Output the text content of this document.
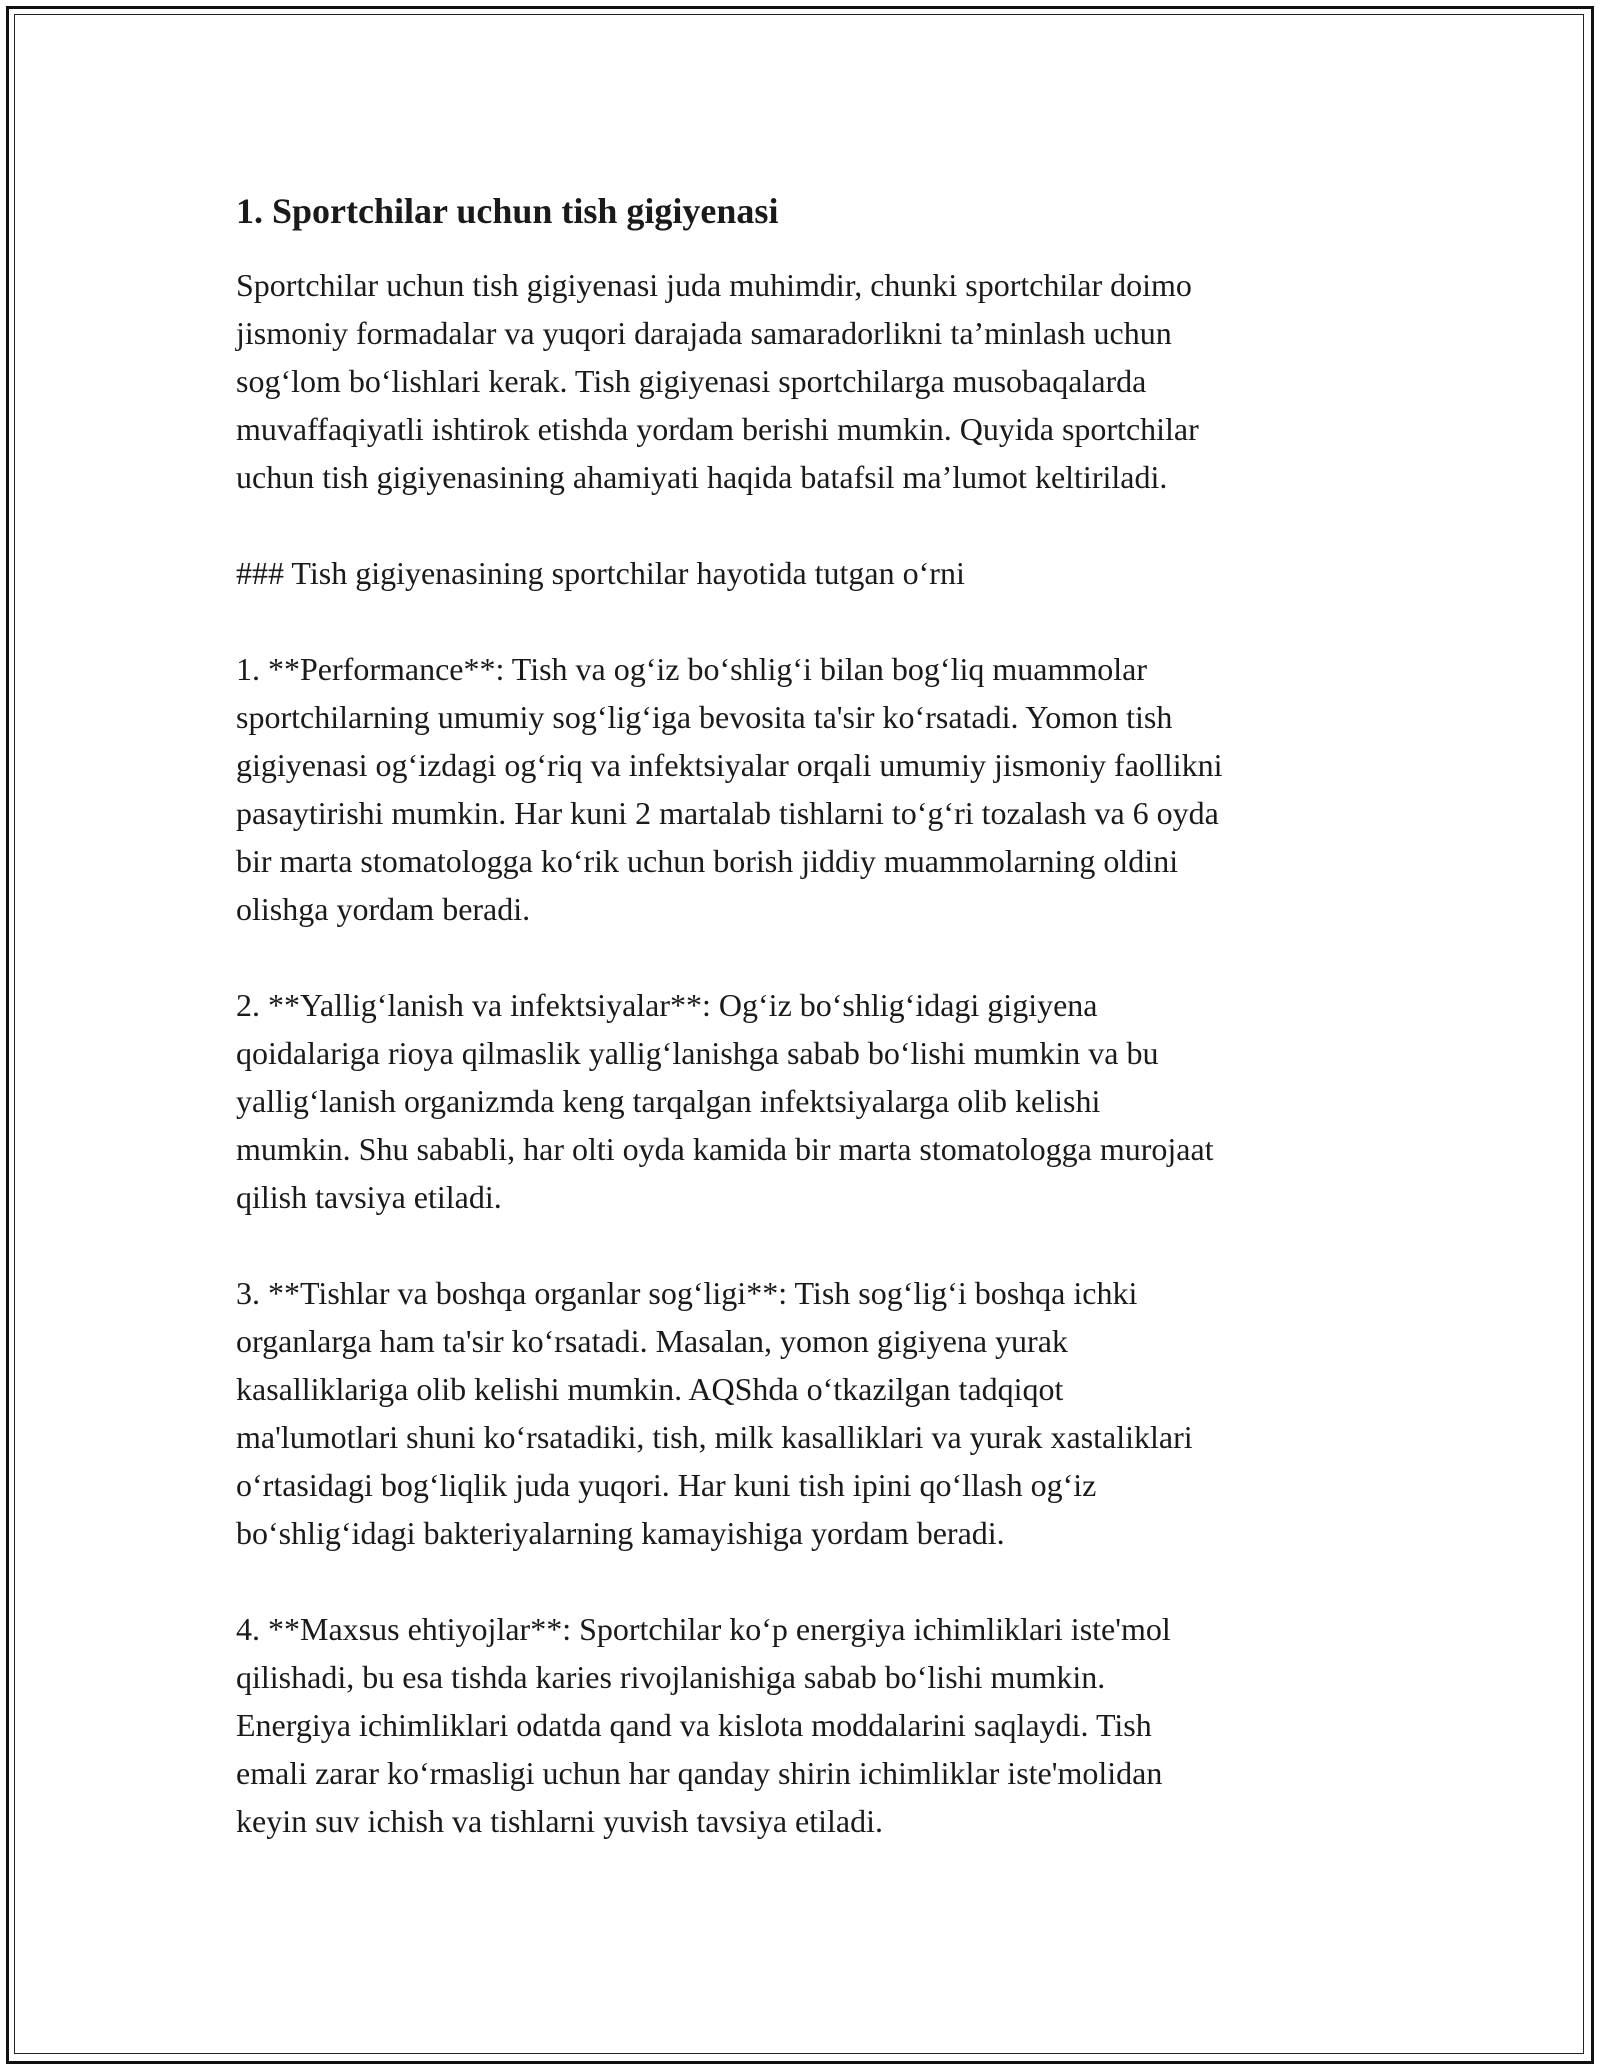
1. Sportchilar uchun tish gigiyenasi

Sportchilar uchun tish gigiyenasi juda muhimdir, chunki sportchilar doimo
jismoniy formadalar va yuqori darajada samaradorlikni ta’minlash uchun
sog‘lom bo‘lishlari kerak. Tish gigiyenasi sportchilarga musobaqalarda
muvaffaqiyatli ishtirok etishda yordam berishi mumkin. Quyida sportchilar
uchun tish gigiyenasining ahamiyati haqida batafsil ma’lumot keltiriladi.

### Tish gigiyenasining sportchilar hayotida tutgan o‘rni

1. **Performance**: Tish va og‘iz bo‘shlig‘i bilan bog‘liq muammolar
sportchilarning umumiy sog‘lig‘iga bevosita ta'sir ko‘rsatadi. Yomon tish
gigiyenasi og‘izdagi og‘riq va infektsiyalar orqali umumiy jismoniy faollikni
pasaytirishi mumkin. Har kuni 2 martalab tishlarni to‘g‘ri tozalash va 6 oyda
bir marta stomatologga ko‘rik uchun borish jiddiy muammolarning oldini
olishga yordam beradi.

2. **Yallig‘lanish va infektsiyalar**: Og‘iz bo‘shlig‘idagi gigiyena
qoidalariga rioya qilmaslik yallig‘lanishga sabab bo‘lishi mumkin va bu
yallig‘lanish organizmda keng tarqalgan infektsiyalarga olib kelishi
mumkin. Shu sababli, har olti oyda kamida bir marta stomatologga murojaat
qilish tavsiya etiladi.

3. **Tishlar va boshqa organlar sog‘ligi**: Tish sog‘lig‘i boshqa ichki
organlarga ham ta'sir ko‘rsatadi. Masalan, yomon gigiyena yurak
kasalliklariga olib kelishi mumkin. AQShda o‘tkazilgan tadqiqot
ma'lumotlari shuni ko‘rsatadiki, tish, milk kasalliklari va yurak xastaliklari
o‘rtasidagi bog‘liqlik juda yuqori. Har kuni tish ipini qo‘llash og‘iz
bo‘shlig‘idagi bakteriyalarning kamayishiga yordam beradi.

4. **Maxsus ehtiyojlar**: Sportchilar ko‘p energiya ichimliklari iste'mol
qilishadi, bu esa tishda karies rivojlanishiga sabab bo‘lishi mumkin.
Energiya ichimliklari odatda qand va kislota moddalarini saqlaydi. Tish
emali zarar ko‘rmasligi uchun har qanday shirin ichimliklar iste'molidan
keyin suv ichish va tishlarni yuvish tavsiya etiladi.
